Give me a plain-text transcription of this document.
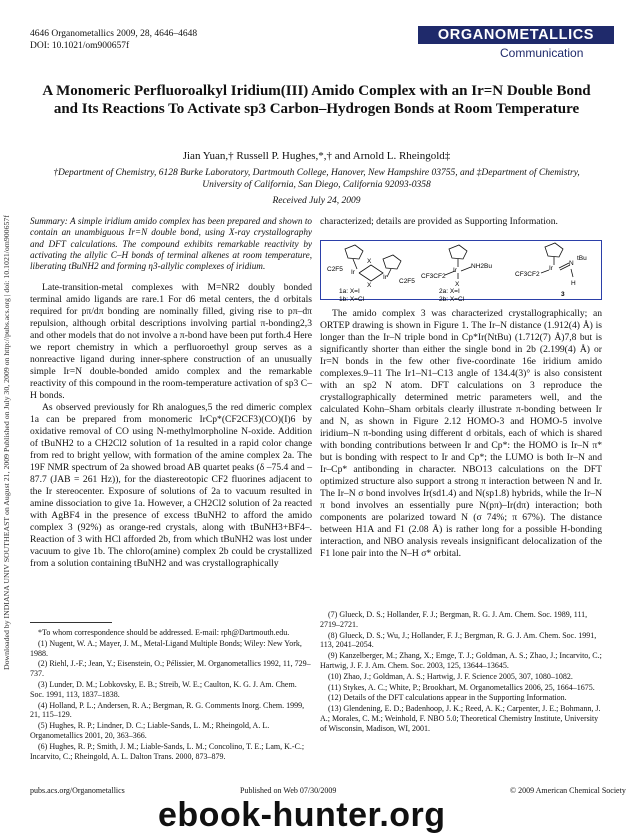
4646 Organometallics 2009, 28, 4646–4648
DOI: 10.1021/om900657f
ORGANOMETALLICS
Communication
Downloaded by INDIANA UNIV SOUTHEAST on August 21, 2009 Published on July 30, 2009 on http://pubs.acs.org | doi: 10.1021/om900657f
A Monomeric Perfluoroalkyl Iridium(III) Amido Complex with an Ir=N Double Bond and Its Reactions To Activate sp3 Carbon–Hydrogen Bonds at Room Temperature
Jian Yuan,† Russell P. Hughes,*,† and Arnold L. Rheingold‡
†Department of Chemistry, 6128 Burke Laboratory, Dartmouth College, Hanover, New Hampshire 03755, and ‡Department of Chemistry, University of California, San Diego, California 92093-0358
Received July 24, 2009
Summary: A simple iridium amido complex has been prepared and shown to contain an unambiguous Ir=N double bond, using X-ray crystallography and DFT calculations. The compound exhibits remarkable reactivity by activating the allylic C–H bonds of terminal alkenes at room temperature, liberating tBuNH2 and forming η3-allylic complexes of iridium.

Late-transition-metal complexes with M=NR2 doubly bonded terminal amido ligands are rare.1 For d6 metal centers, the d orbitals required for pπ/dπ bonding are nominally filled, giving rise to pπ–dπ repulsion, although orbital descriptions involving partial π-bonding2,3 and other models that do not involve a π-bond have been put forth.4 Here we report chemistry in which a perfluoroethyl group serves as a nonreactive ligand during inner-sphere construction of an unusually simple Ir=N double-bonded amido complex and the remarkable reactivity of this compound in the room-temperature activation of sp3 C–H bonds.

As observed previously for Rh analogues,5 the red dimeric complex 1a can be prepared from monomeric IrCp*(CF2CF3)(CO)(I)6 by oxidative removal of CO using N-methylmorpholine N-oxide. Addition of tBuNH2 to a CH2Cl2 solution of 1a resulted in a rapid color change from red to bright yellow, with formation of the amine complex 2a. The 19F NMR spectrum of 2a showed broad AB quartet peaks (δ –75.4 and –87.7 (JAB = 261 Hz)), for the diastereotopic CF2 fluorines adjacent to the Ir stereocenter. Exposure of solutions of 2a to vacuum resulted in amine dissociation to give 1a. However, a CH2Cl2 solution of 2a reacted with AgBF4 in the presence of excess tBuNH2 to afford the amido complex 3 (92%) as orange-red crystals, along with tBuNH3+BF4–. Reaction of 3 with HCl afforded 2b, from which tBuNH2 was lost under vacuum to give 1b. The chloro(amine) complex 2b could be crystallized from a solution containing tBuNH2 and was crystallographically

characterized; details are provided as Supporting Information.
C2F5
C2F5
X
X
Ir
Ir
1a: X=I
1b: X=Cl
Ir
NH2Bu
CF3CF2
X
2a: X=I
2b: X=Cl
Ir
N
tBu
H
CF3CF2
3

The amido complex 3 was characterized crystallographically; an ORTEP drawing is shown in Figure 1. The Ir–N distance (1.912(4) Å) is longer than the Ir–N triple bond in Cp*Ir(NtBu) (1.712(7) Å)7,8 but is significantly shorter than either the single bond in 2b (2.199(4) Å) or Ir=N bonds in the few other five-coordinate 16e iridium amido complexes.9–11 The Ir1–N1–C13 angle of 134.4(3)° is also consistent with an sp2 N atom. DFT calculations on 3 reproduce the crystallographically determined metric parameters well, and the calculated Kohn–Sham orbitals clearly illustrate π-bonding between Ir and N, as shown in Figure 2.12 HOMO-3 and HOMO-5 involve iridium–N π-bonding using different d orbitals, each of which is shared with bonding contributions between Ir and Cp*: the HOMO is Ir–N π* but is bonding with respect to Ir and Cp*; the LUMO is both Ir–N and Ir–Cp* antibonding in character. NBO13 calculations on the DFT optimized structure also support a strong π interaction between N and Ir. The Ir–N σ bond involves Ir(sd1.4) and N(sp1.8) hybrids, while the Ir–N π bond involves an essentially pure N(pπ)–Ir(dπ) interaction; both components are polarized toward N (σ 74%; π 67%). The distance between H1A and F1 (2.08 Å) is rather long for a possible H-bonding interaction, and NBO analysis reveals insignificant delocalization of the F1 lone pair into the N–H σ* orbital.

*To whom correspondence should be addressed. E-mail: rph@Dartmouth.edu.
(1) Nugent, W. A.; Mayer, J. M., Metal-Ligand Multiple Bonds; Wiley: New York, 1988.
(2) Riehl, J.-F.; Jean, Y.; Eisenstein, O.; Pélissier, M. Organometallics 1992, 11, 729–737.
(3) Lunder, D. M.; Lobkovsky, E. B.; Streib, W. E.; Caulton, K. G. J. Am. Chem. Soc. 1991, 113, 1837–1838.
(4) Holland, P. L.; Andersen, R. A.; Bergman, R. G. Comments Inorg. Chem. 1999, 21, 115–129.
(5) Hughes, R. P.; Lindner, D. C.; Liable-Sands, L. M.; Rheingold, A. L. Organometallics 2001, 20, 363–366.
(6) Hughes, R. P.; Smith, J. M.; Liable-Sands, L. M.; Concolino, T. E.; Lam, K.-C.; Incarvito, C.; Rheingold, A. L. Dalton Trans. 2000, 873–879.
(7) Glueck, D. S.; Hollander, F. J.; Bergman, R. G. J. Am. Chem. Soc. 1989, 111, 2719–2721.
(8) Glueck, D. S.; Wu, J.; Hollander, F. J.; Bergman, R. G. J. Am. Chem. Soc. 1991, 113, 2041–2054.
(9) Kanzelberger, M.; Zhang, X.; Emge, T. J.; Goldman, A. S.; Zhao, J.; Incarvito, C.; Hartwig, J. F. J. Am. Chem. Soc. 2003, 125, 13644–13645.
(10) Zhao, J.; Goldman, A. S.; Hartwig, J. F. Science 2005, 307, 1080–1082.
(11) Stykes, A. C.; White, P.; Brookhart, M. Organometallics 2006, 25, 1664–1675.
(12) Details of the DFT calculations appear in the Supporting Information.
(13) Glendening, E. D.; Badenhoop, J. K.; Reed, A. K.; Carpenter, J. E.; Bohmann, J. A.; Morales, C. M.; Weinhold, F. NBO 5.0; Theoretical Chemistry Institute, University of Wisconsin, Madison, WI, 2001.
pubs.acs.org/Organometallics	Published on Web 07/30/2009	© 2009 American Chemical Society
ebook-hunter.org
